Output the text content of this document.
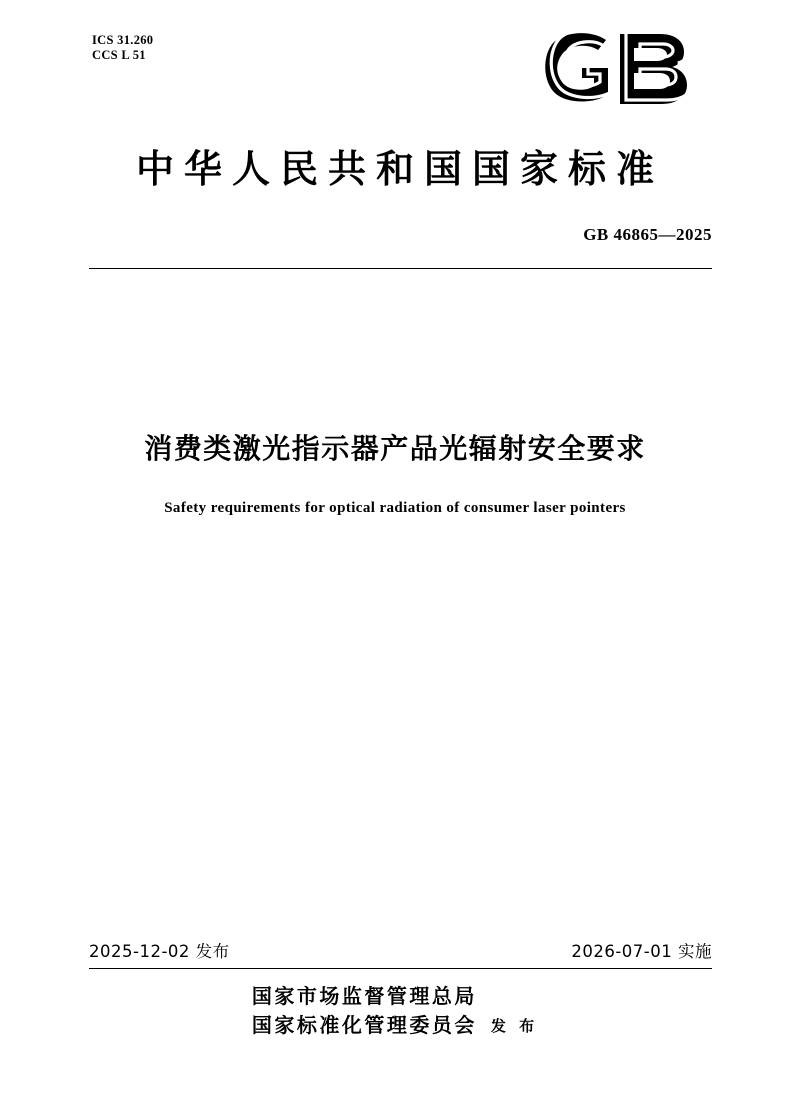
ICS 31.260
CCS L 51
中华人民共和国国家标准
GB 46865—2025
消费类激光指示器产品光辐射安全要求
Safety requirements for optical radiation of consumer laser pointers
2025-12-02 发布	2026-07-01 实施
国家市场监督管理总局
国家标准化管理委员会 发 布
